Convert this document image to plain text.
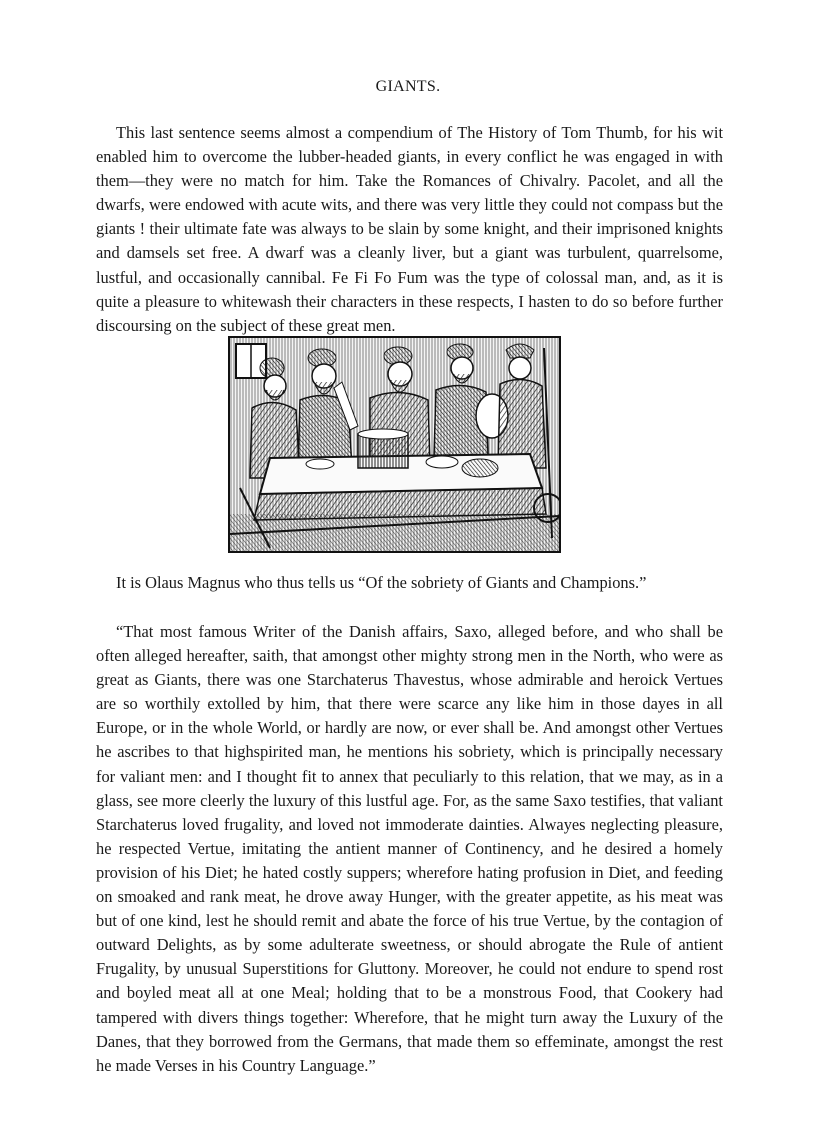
GIANTS.

This last sentence seems almost a compendium of The History of Tom Thumb, for his wit enabled him to overcome the lubber-headed giants, in every conflict he was engaged in with them—they were no match for him. Take the Romances of Chivalry. Pacolet, and all the dwarfs, were endowed with acute wits, and there was very little they could not compass but the giants ! their ultimate fate was always to be slain by some knight, and their imprisoned knights and damsels set free. A dwarf was a cleanly liver, but a giant was turbulent, quarrelsome, lustful, and occasionally cannibal. Fe Fi Fo Fum was the type of colossal man, and, as it is quite a pleasure to whitewash their characters in these respects, I hasten to do so before further discoursing on the subject of these great men.

It is Olaus Magnus who thus tells us “Of the sobriety of Giants and Champions.”

“That most famous Writer of the Danish affairs, Saxo, alleged before, and who shall be often alleged hereafter, saith, that amongst other mighty strong men in the North, who were as great as Giants, there was one Starchaterus Thavestus, whose admirable and heroick Vertues are so worthily extolled by him, that there were scarce any like him in those dayes in all Europe, or in the whole World, or hardly are now, or ever shall be. And amongst other Vertues he ascribes to that highspirited man, he mentions his sobriety, which is principally necessary for valiant men: and I thought fit to annex that peculiarly to this relation, that we may, as in a glass, see more cleerly the luxury of this lustful age. For, as the same Saxo testifies, that valiant Starchaterus loved frugality, and loved not immoderate dainties. Alwayes neglecting pleasure, he respected Vertue, imitating the antient manner of Continency, and he desired a homely provision of his Diet; he hated costly suppers; wherefore hating profusion in Diet, and feeding on smoaked and rank meat, he drove away Hunger, with the greater appetite, as his meat was but of one kind, lest he should remit and abate the force of his true Vertue, by the contagion of outward Delights, as by some adulterate sweetness, or should abrogate the Rule of antient Frugality, by unusual Superstitions for Gluttony. Moreover, he could not endure to spend rost and boyled meat all at one Meal; holding that to be a monstrous Food, that Cookery had tampered with divers things together: Wherefore, that he might turn away the Luxury of the Danes, that they borrowed from the Germans, that made them so effeminate, amongst the rest he made Verses in his Country Language.”
